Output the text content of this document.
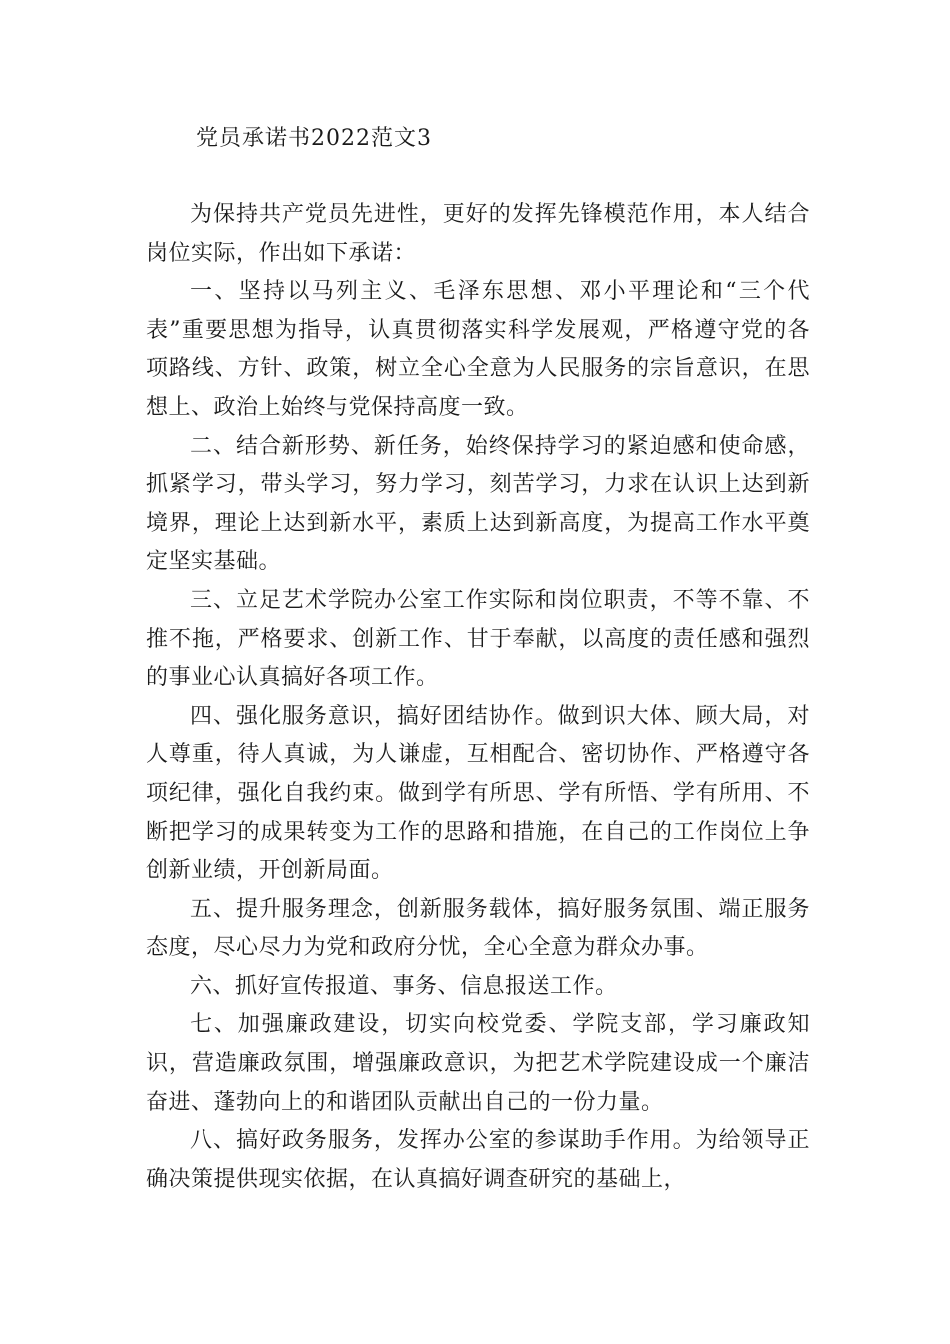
党员承诺书2022范文3

为保持共产党员先进性，更好的发挥先锋模范作用，本人结合岗位实际，作出如下承诺：

一、坚持以马列主义、毛泽东思想、邓小平理论和“三个代表”重要思想为指导，认真贯彻落实科学发展观，严格遵守党的各项路线、方针、政策，树立全心全意为人民服务的宗旨意识，在思想上、政治上始终与党保持高度一致。

二、结合新形势、新任务，始终保持学习的紧迫感和使命感，抓紧学习，带头学习，努力学习，刻苦学习，力求在认识上达到新境界，理论上达到新水平，素质上达到新高度，为提高工作水平奠定坚实基础。

三、立足艺术学院办公室工作实际和岗位职责，不等不靠、不推不拖，严格要求、创新工作、甘于奉献，以高度的责任感和强烈的事业心认真搞好各项工作。

四、强化服务意识，搞好团结协作。做到识大体、顾大局，对人尊重，待人真诚，为人谦虚，互相配合、密切协作、严格遵守各项纪律，强化自我约束。做到学有所思、学有所悟、学有所用、不断把学习的成果转变为工作的思路和措施，在自己的工作岗位上争创新业绩，开创新局面。

五、提升服务理念，创新服务载体，搞好服务氛围、端正服务态度，尽心尽力为党和政府分忧，全心全意为群众办事。

六、抓好宣传报道、事务、信息报送工作。

七、加强廉政建设，切实向校党委、学院支部，学习廉政知识，营造廉政氛围，增强廉政意识，为把艺术学院建设成一个廉洁奋进、蓬勃向上的和谐团队贡献出自己的一份力量。

八、搞好政务服务，发挥办公室的参谋助手作用。为给领导正确决策提供现实依据，在认真搞好调查研究的基础上，
